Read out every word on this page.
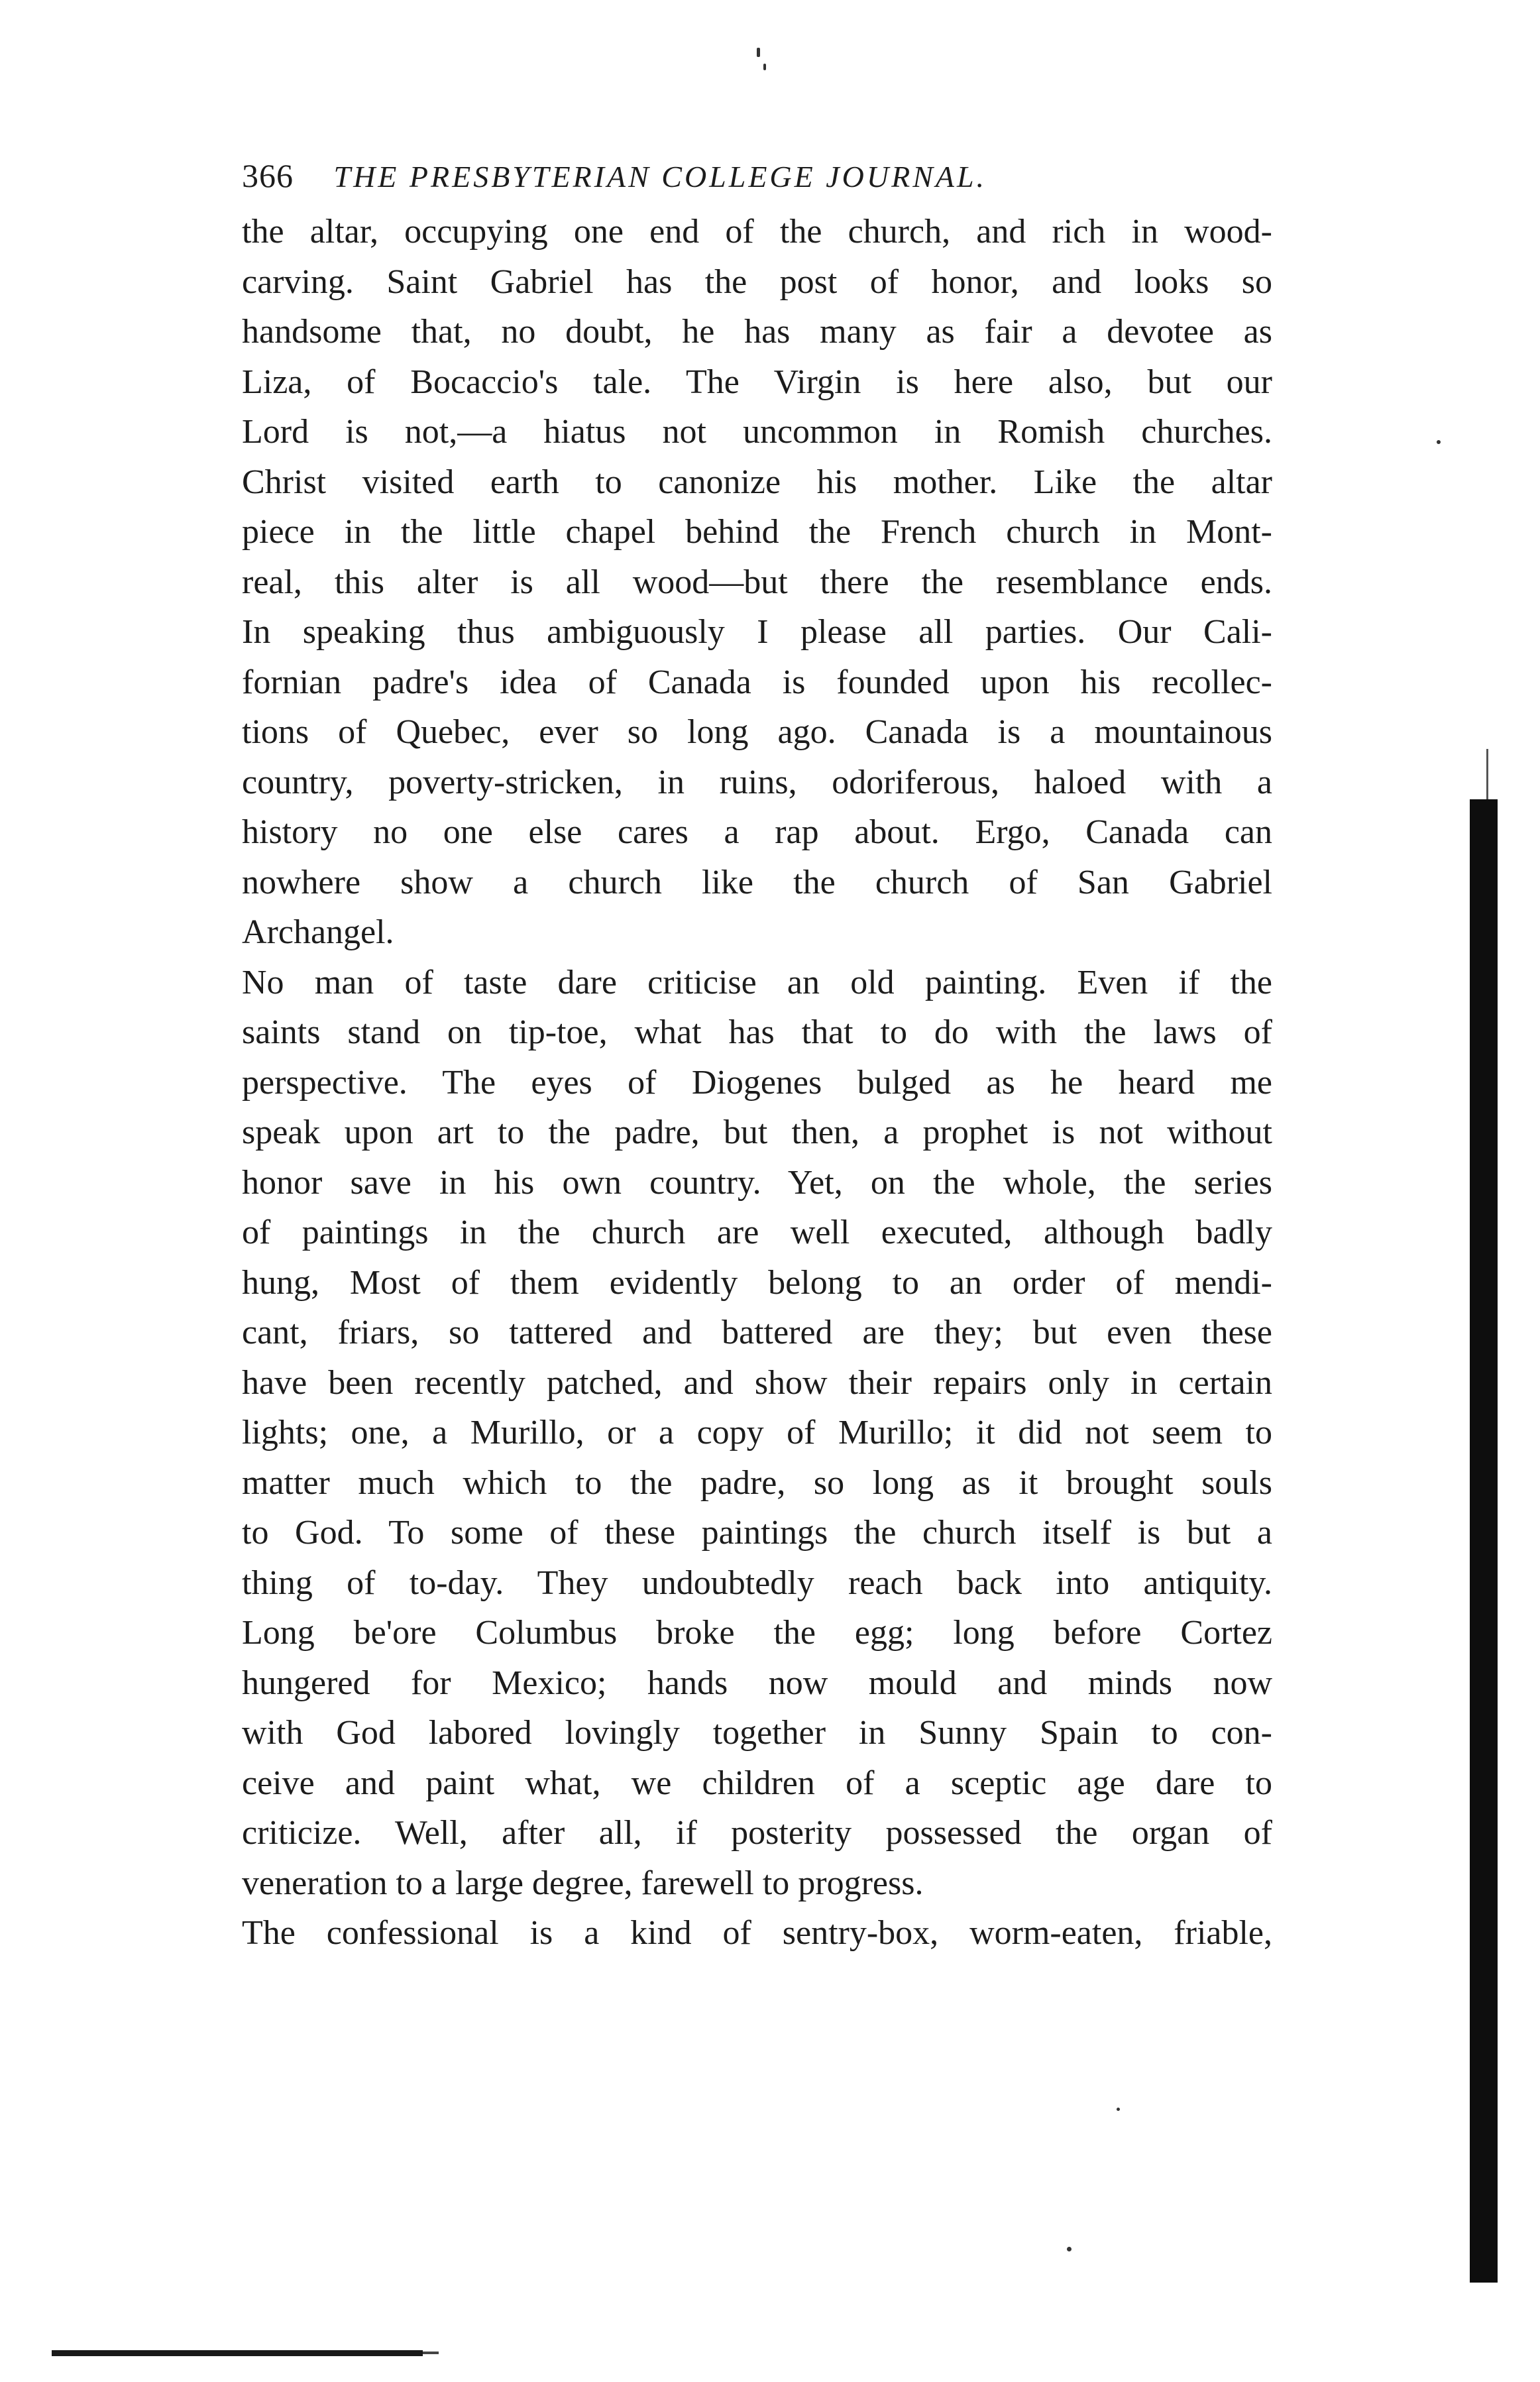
366 THE PRESBYTERIAN COLLEGE JOURNAL.
the altar, occupying one end of the church, and rich in wood-
carving. Saint Gabriel has the post of honor, and looks so
handsome that, no doubt, he has many as fair a devotee as
Liza, of Bocaccio's tale. The Virgin is here also, but our
Lord is not,—a hiatus not uncommon in Romish churches.
Christ visited earth to canonize his mother. Like the altar
piece in the little chapel behind the French church in Mont-
real, this alter is all wood—but there the resemblance ends.
In speaking thus ambiguously I please all parties. Our Cali-
fornian padre's idea of Canada is founded upon his recollec-
tions of Quebec, ever so long ago. Canada is a mountainous
country, poverty-stricken, in ruins, odoriferous, haloed with a
history no one else cares a rap about. Ergo, Canada can
nowhere show a church like the church of San Gabriel
Archangel.
No man of taste dare criticise an old painting. Even if the
saints stand on tip-toe, what has that to do with the laws of
perspective. The eyes of Diogenes bulged as he heard me
speak upon art to the padre, but then, a prophet is not without
honor save in his own country. Yet, on the whole, the series
of paintings in the church are well executed, although badly
hung, Most of them evidently belong to an order of mendi-
cant, friars, so tattered and battered are they; but even these
have been recently patched, and show their repairs only in certain
lights; one, a Murillo, or a copy of Murillo; it did not seem to
matter much which to the padre, so long as it brought souls
to God. To some of these paintings the church itself is but a
thing of to-day. They undoubtedly reach back into antiquity.
Long be'ore Columbus broke the egg; long before Cortez
hungered for Mexico; hands now mould and minds now
with God labored lovingly together in Sunny Spain to con-
ceive and paint what, we children of a sceptic age dare to
criticize. Well, after all, if posterity possessed the organ of
veneration to a large degree, farewell to progress.
The confessional is a kind of sentry-box, worm-eaten, friable,
